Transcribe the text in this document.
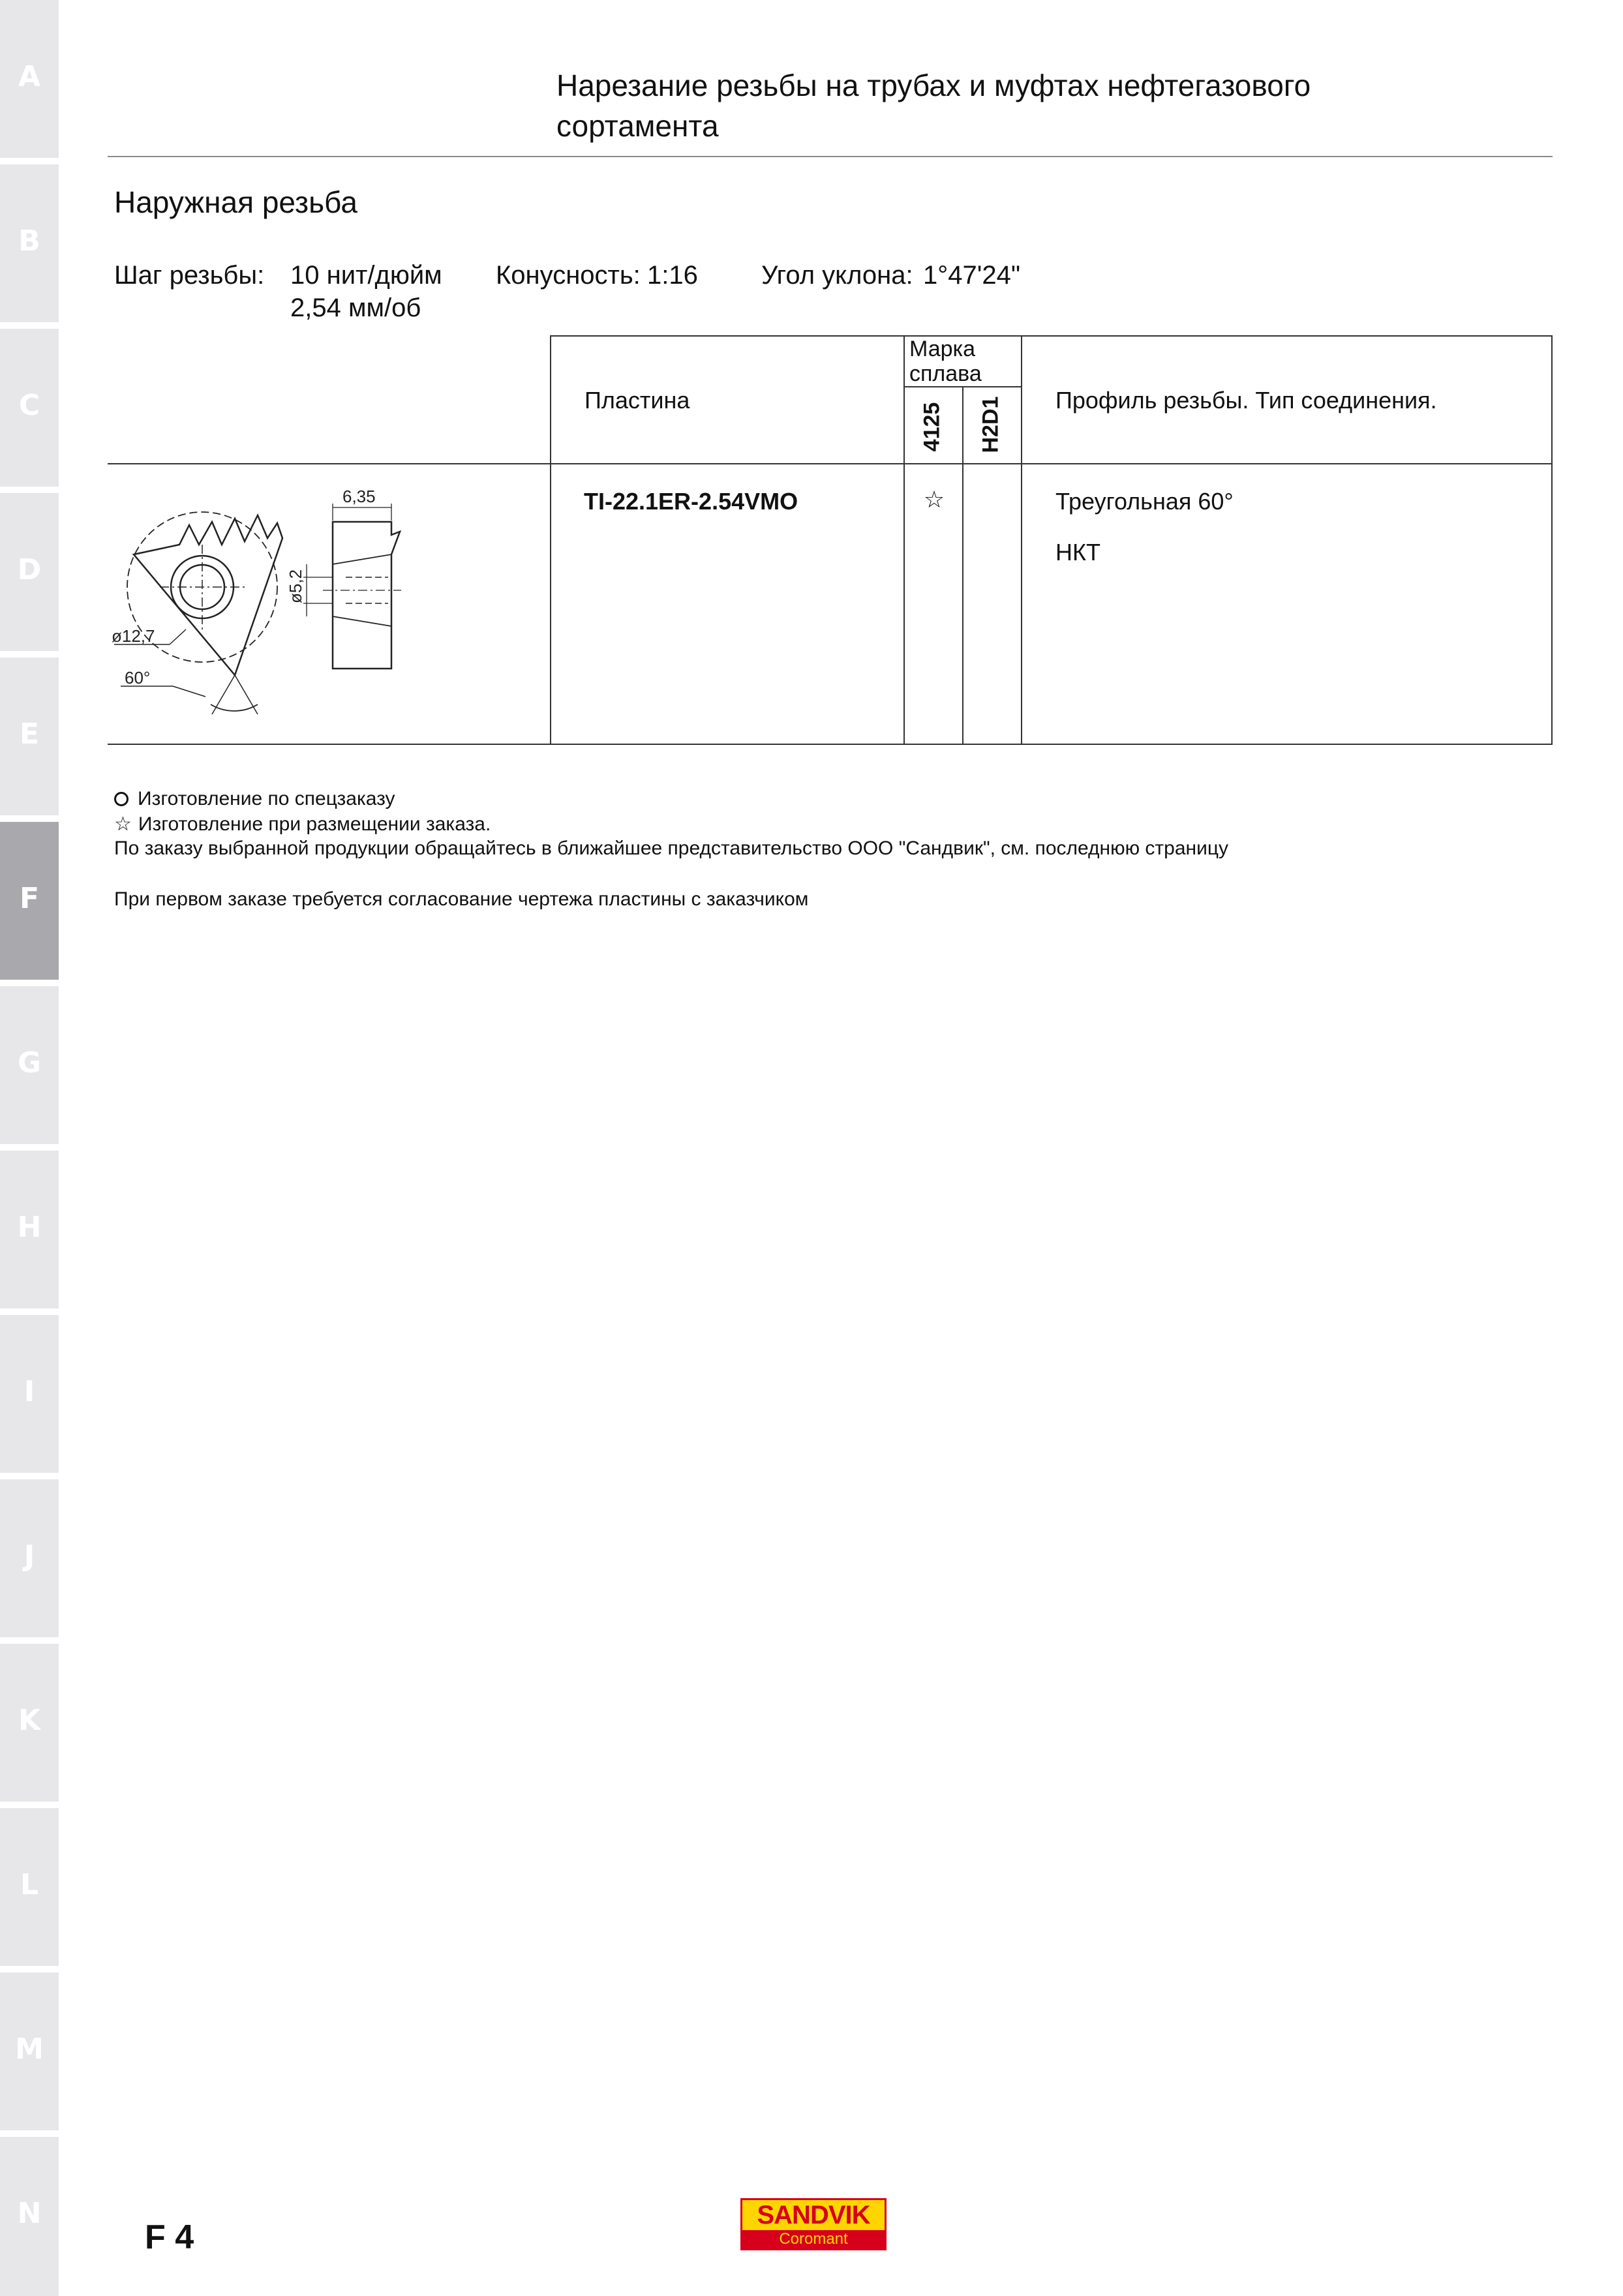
A
B
C
D
E
F
G
H
I
J
K
L
M
N
Нарезание резьбы на трубах и муфтах нефтегазового
сортамента
Наружная резьба
Шаг резьбы: 10 нит/дюйм
2,54 мм/об
Конусность: 1:16 Угол уклона: 1°47'24"
Пластина
Марка сплава
4125 H2D1 Профиль резьбы. Тип соединения.
TI-22.1ER-2.54VMO	☆	Треугольная 60°
НКТ
6,35
ø5,2
ø12,7
60°
Изготовление по спецзаказу
☆ Изготовление при размещении заказа.
По заказу выбранной продукции обращайтесь в ближайшее представительство ООО "Сандвик", см. последнюю страницу
При первом заказе требуется согласование чертежа пластины с заказчиком
F 4
SANDVIK
Coromant
